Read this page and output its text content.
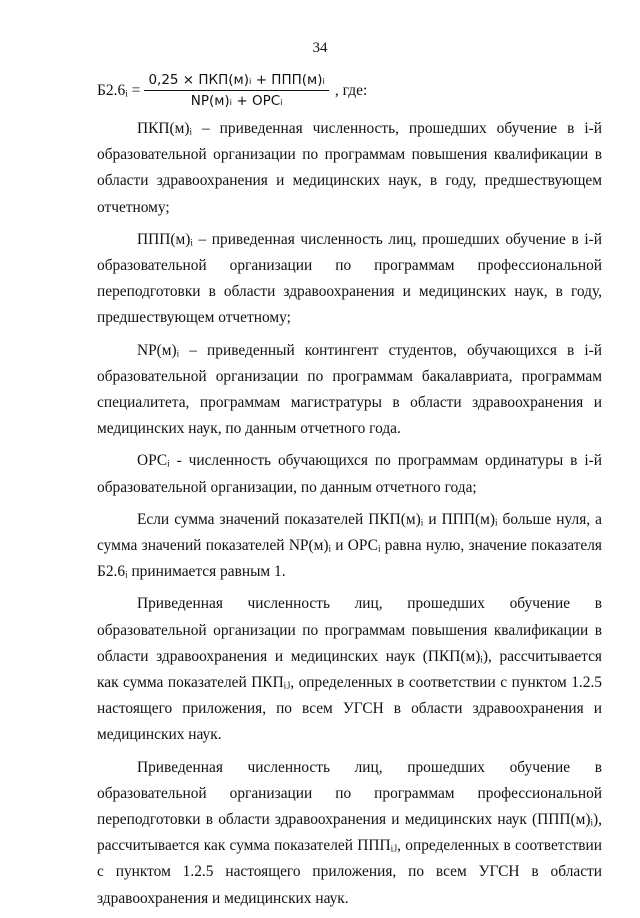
34
Б2.6ᵢ = $\frac{\text{0,25 × ПКП(м)ᵢ + ППП(м)ᵢ}}{\text{NP(м)ᵢ + ОРСᵢ}}$ , где:

ПКП(м)ᵢ – приведенная численность, прошедших обучение в i-й образовательной организации по программам повышения квалификации в области здравоохранения и медицинских наук, в году, предшествующем отчетному;

ППП(м)ᵢ – приведенная численность лиц, прошедших обучение в i-й образовательной организации по программам профессиональной переподготовки в области здравоохранения и медицинских наук, в году, предшествующем отчетному;

NP(м)ᵢ – приведенный контингент студентов, обучающихся в i-й образовательной организации по программам бакалавриата, программам специалитета, программам магистратуры в области здравоохранения и медицинских наук, по данным отчетного года.

ОРСᵢ - численность обучающихся по программам ординатуры в i-й образовательной организации, по данным отчетного года;

Если сумма значений показателей ПКП(м)ᵢ и ППП(м)ᵢ больше нуля, а сумма значений показателей NP(м)ᵢ и ОРСᵢ равна нулю, значение показателя Б2.6ᵢ принимается равным 1.

Приведенная численность лиц, прошедших обучение в образовательной организации по программам повышения квалификации в области здравоохранения и медицинских наук (ПКП(м)ᵢ), рассчитывается как сумма показателей ПКПᵢⱼ, определенных в соответствии с пунктом 1.2.5 настоящего приложения, по всем УГСН в области здравоохранения и медицинских наук.

Приведенная численность лиц, прошедших обучение в образовательной организации по программам профессиональной переподготовки в области здравоохранения и медицинских наук (ППП(м)ᵢ), рассчитывается как сумма показателей ПППᵢⱼ, определенных в соответствии с пунктом 1.2.5 настоящего приложения, по всем УГСН в области здравоохранения и медицинских наук.
